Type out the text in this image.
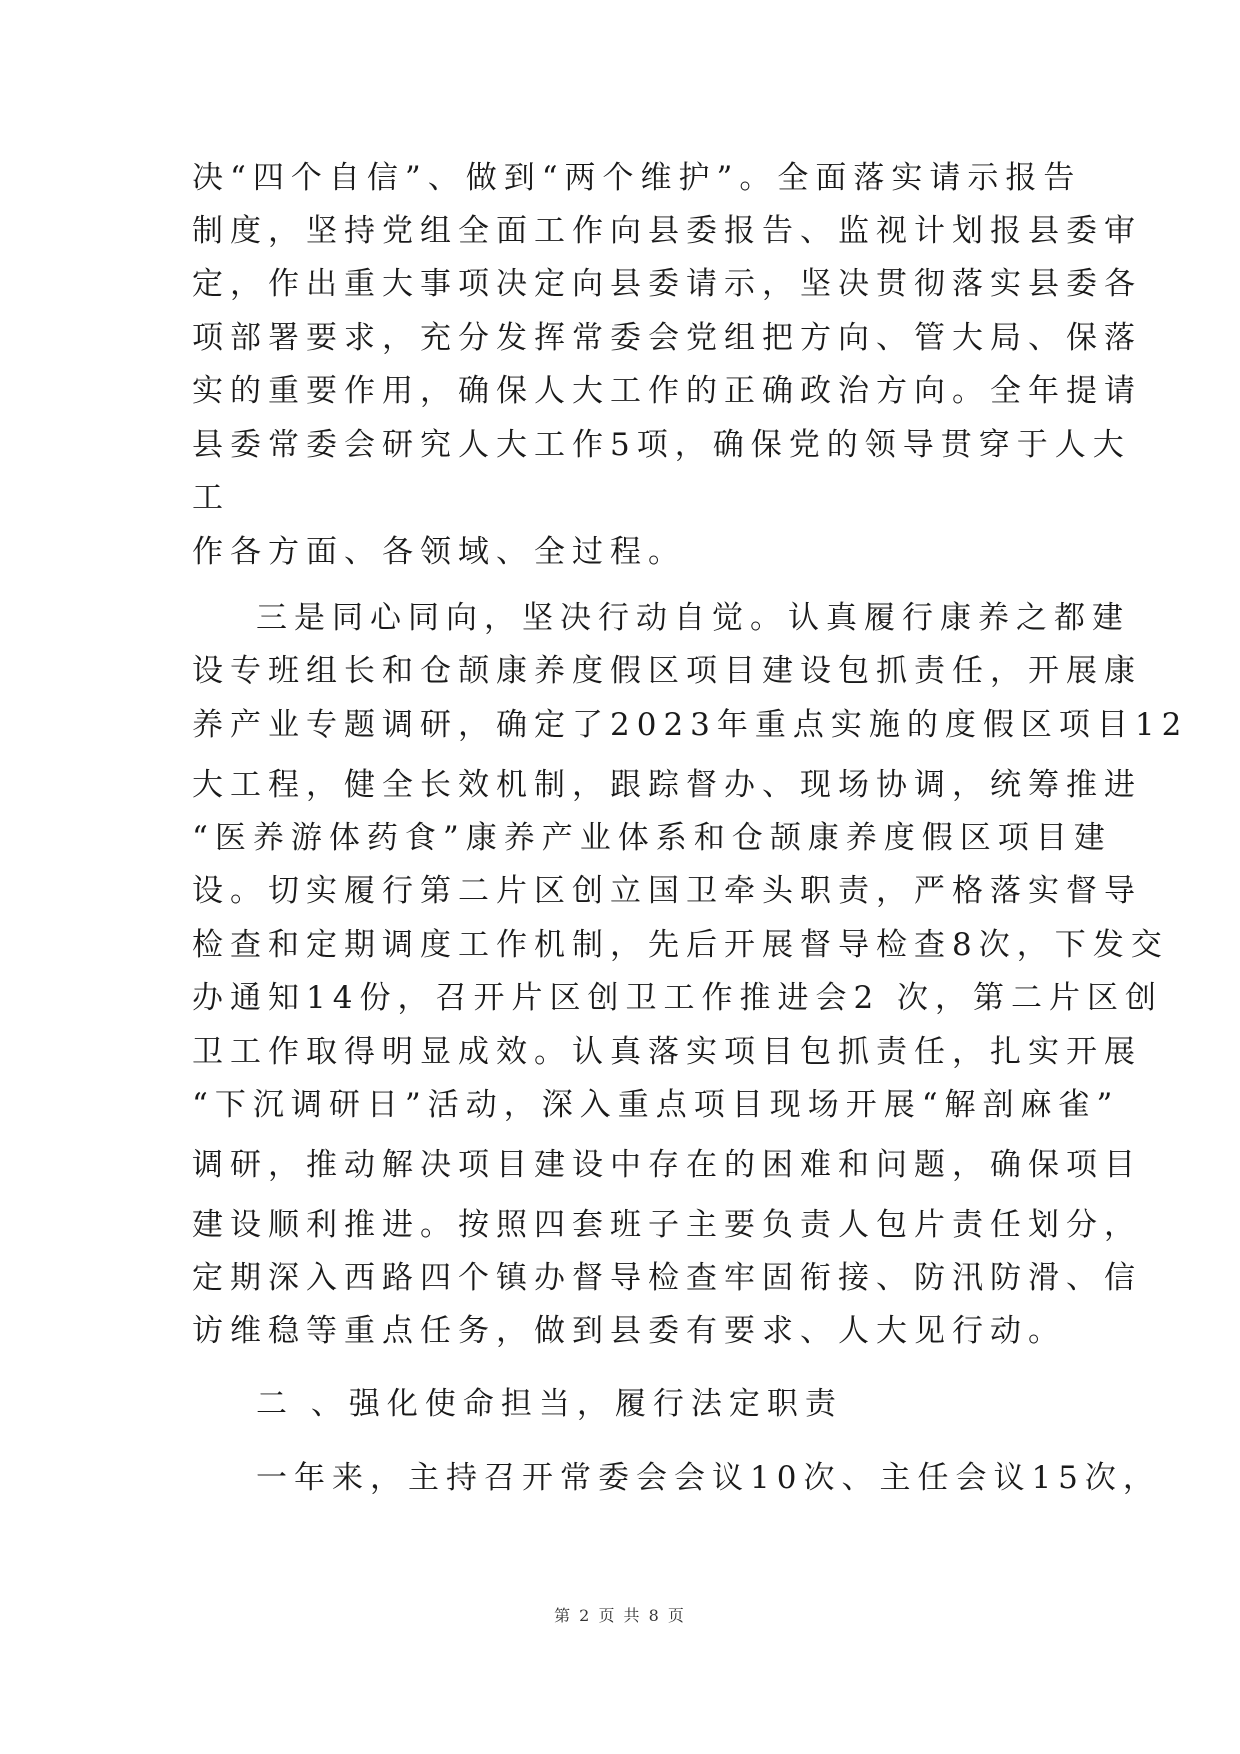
决“四个自信”、做到“两个维护”。全面落实请示报告
制度，坚持党组全面工作向县委报告、监视计划报县委审
定，作出重大事项决定向县委请示，坚决贯彻落实县委各
项部署要求，充分发挥常委会党组把方向、管大局、保落
实的重要作用，确保人大工作的正确政治方向。全年提请
县委常委会研究人大工作5项，确保党的领导贯穿于人大
工
作各方面、各领域、全过程。
三是同心同向，坚决行动自觉。认真履行康养之都建
设专班组长和仓颉康养度假区项目建设包抓责任，开展康
养产业专题调研，确定了2023年重点实施的度假区项目12
大工程，健全长效机制，跟踪督办、现场协调，统筹推进
“医养游体药食”康养产业体系和仓颉康养度假区项目建
设。切实履行第二片区创立国卫牵头职责，严格落实督导
检查和定期调度工作机制，先后开展督导检查8次，下发交
办通知14份，召开片区创卫工作推进会2 次，第二片区创
卫工作取得明显成效。认真落实项目包抓责任，扎实开展
“下沉调研日”活动，深入重点项目现场开展“解剖麻雀”
调研，推动解决项目建设中存在的困难和问题，确保项目
建设顺利推进。按照四套班子主要负责人包片责任划分，
定期深入西路四个镇办督导检查牢固衔接、防汛防滑、信
访维稳等重点任务，做到县委有要求、人大见行动。
二 、强化使命担当，履行法定职责
一年来，主持召开常委会会议10次、主任会议15次，
第 2 页 共 8 页
